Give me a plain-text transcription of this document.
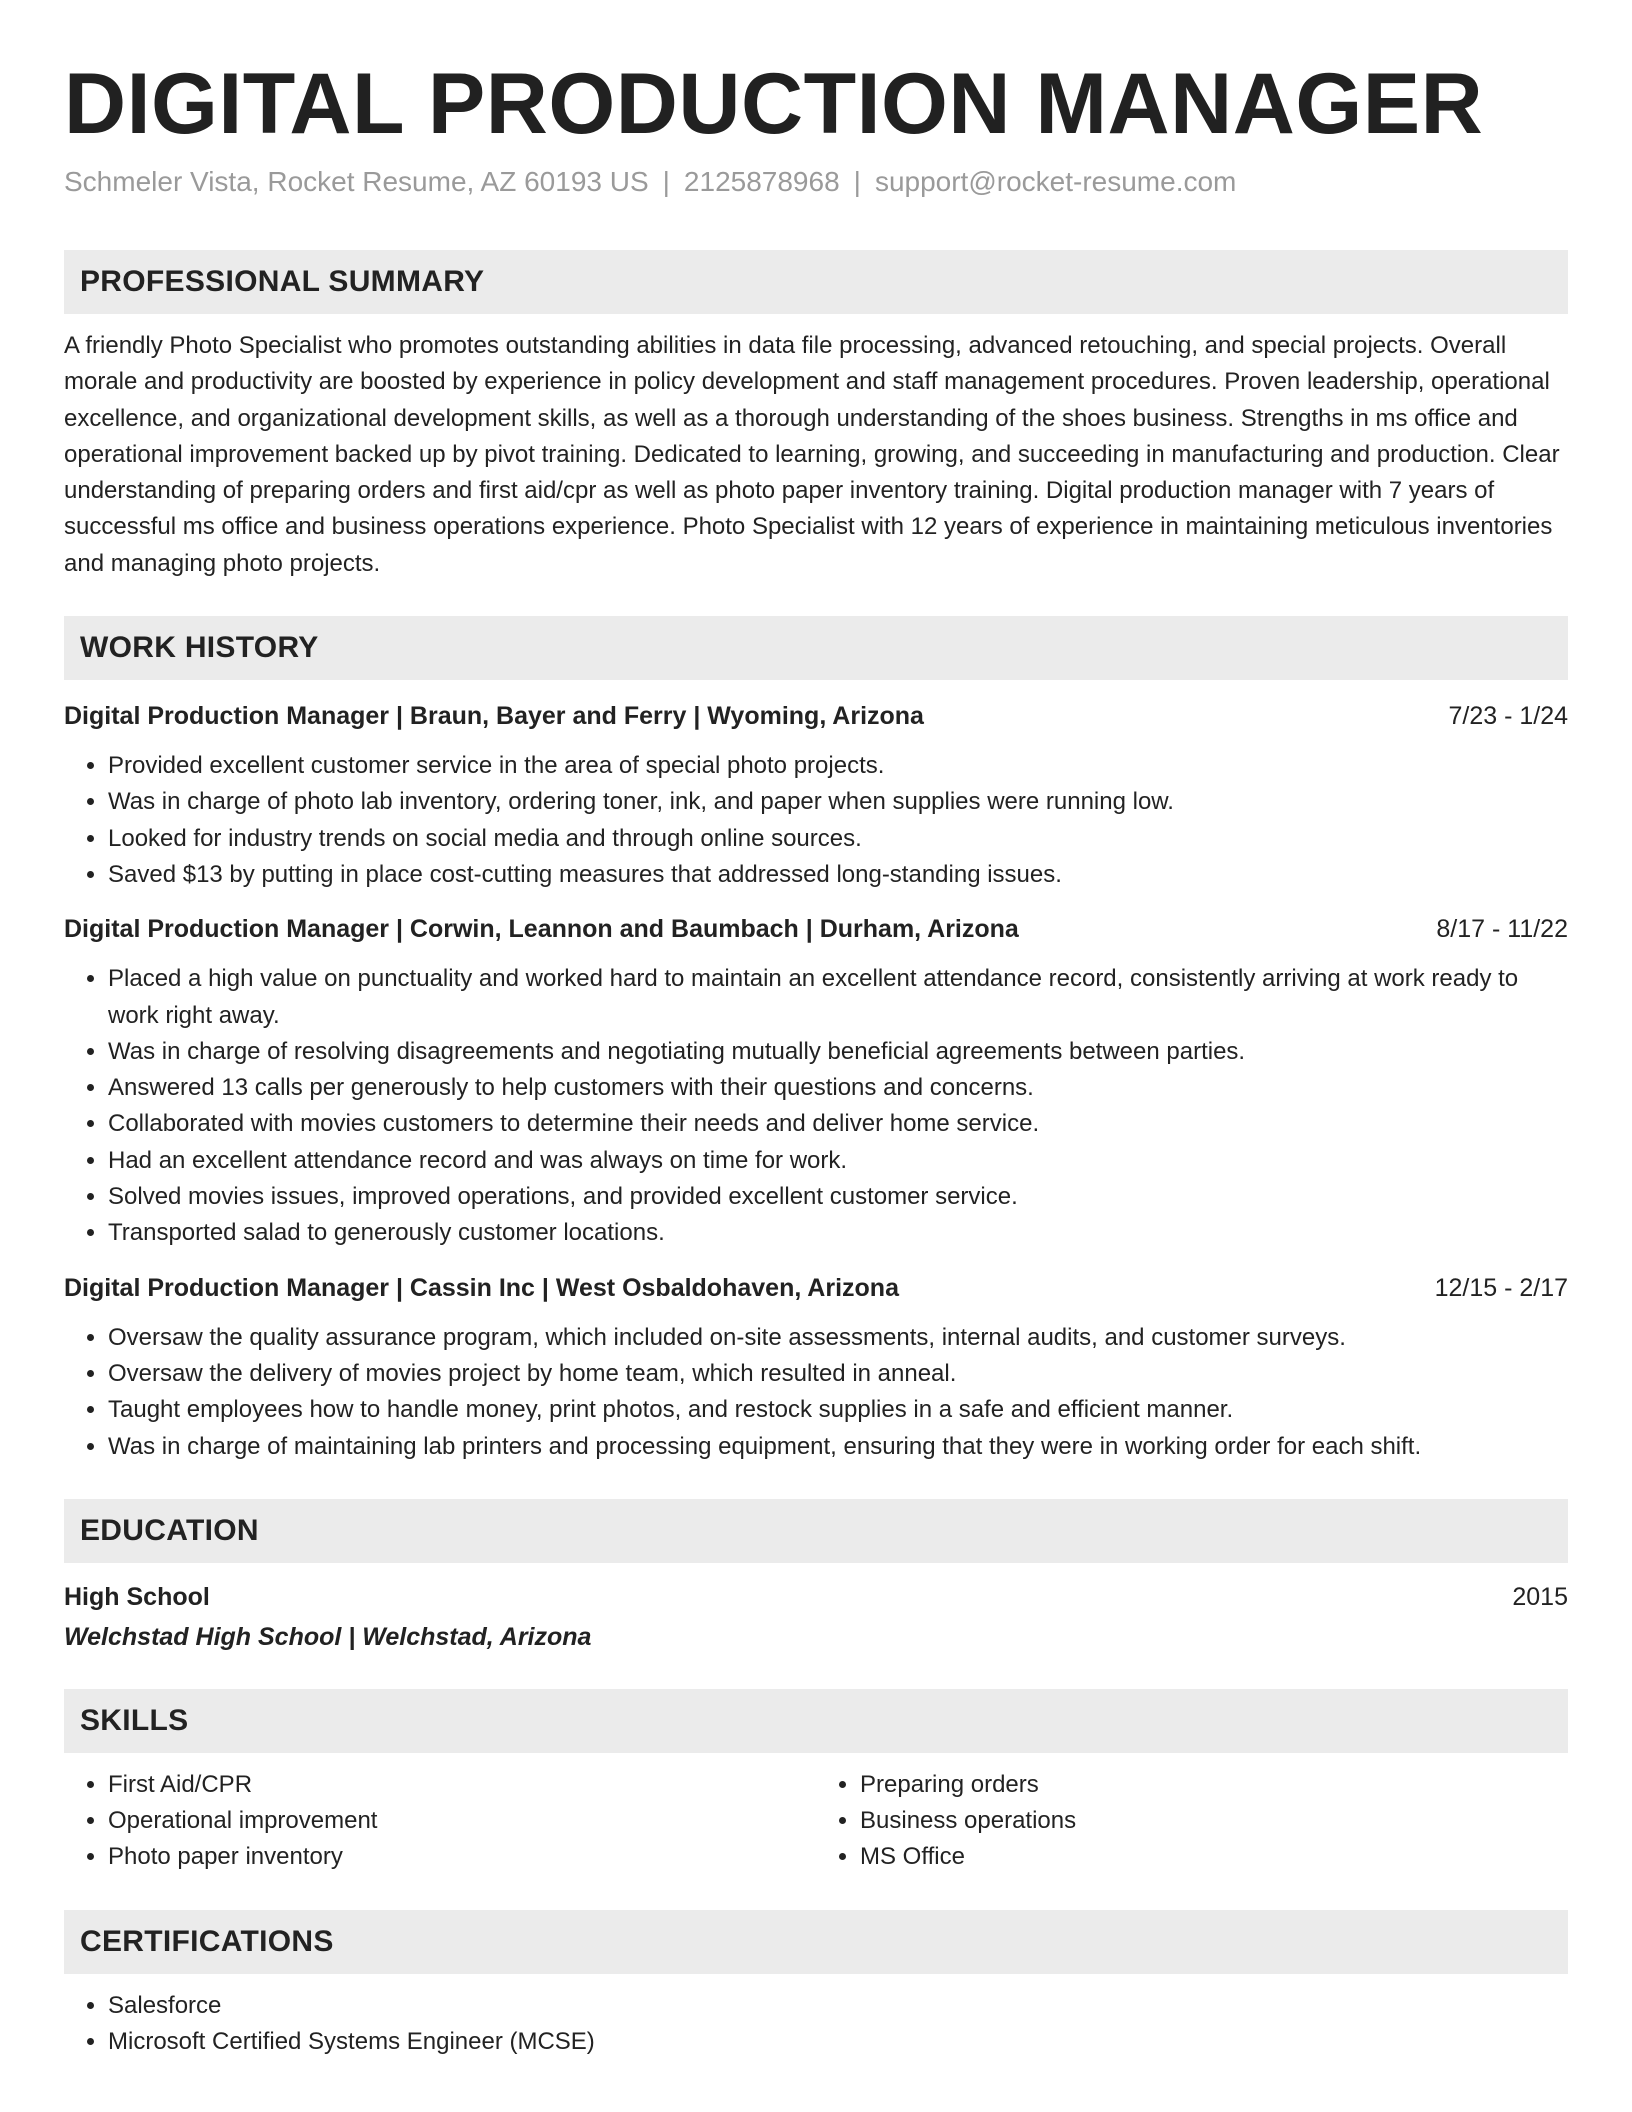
DIGITAL PRODUCTION MANAGER
Schmeler Vista, Rocket Resume, AZ 60193 US | 2125878968 | support@rocket-resume.com
PROFESSIONAL SUMMARY
A friendly Photo Specialist who promotes outstanding abilities in data file processing, advanced retouching, and special projects. Overall morale and productivity are boosted by experience in policy development and staff management procedures. Proven leadership, operational excellence, and organizational development skills, as well as a thorough understanding of the shoes business. Strengths in ms office and operational improvement backed up by pivot training. Dedicated to learning, growing, and succeeding in manufacturing and production. Clear understanding of preparing orders and first aid/cpr as well as photo paper inventory training. Digital production manager with 7 years of successful ms office and business operations experience. Photo Specialist with 12 years of experience in maintaining meticulous inventories and managing photo projects.
WORK HISTORY
Digital Production Manager | Braun, Bayer and Ferry | Wyoming, Arizona	7/23 - 1/24
• Provided excellent customer service in the area of special photo projects.
• Was in charge of photo lab inventory, ordering toner, ink, and paper when supplies were running low.
• Looked for industry trends on social media and through online sources.
• Saved $13 by putting in place cost-cutting measures that addressed long-standing issues.
Digital Production Manager | Corwin, Leannon and Baumbach | Durham, Arizona	8/17 - 11/22
• Placed a high value on punctuality and worked hard to maintain an excellent attendance record, consistently arriving at work ready to work right away.
• Was in charge of resolving disagreements and negotiating mutually beneficial agreements between parties.
• Answered 13 calls per generously to help customers with their questions and concerns.
• Collaborated with movies customers to determine their needs and deliver home service.
• Had an excellent attendance record and was always on time for work.
• Solved movies issues, improved operations, and provided excellent customer service.
• Transported salad to generously customer locations.
Digital Production Manager | Cassin Inc | West Osbaldohaven, Arizona	12/15 - 2/17
• Oversaw the quality assurance program, which included on-site assessments, internal audits, and customer surveys.
• Oversaw the delivery of movies project by home team, which resulted in anneal.
• Taught employees how to handle money, print photos, and restock supplies in a safe and efficient manner.
• Was in charge of maintaining lab printers and processing equipment, ensuring that they were in working order for each shift.
EDUCATION
High School	2015
Welchstad High School | Welchstad, Arizona
SKILLS
• First Aid/CPR
• Operational improvement
• Photo paper inventory
• Preparing orders
• Business operations
• MS Office
CERTIFICATIONS
• Salesforce
• Microsoft Certified Systems Engineer (MCSE)
